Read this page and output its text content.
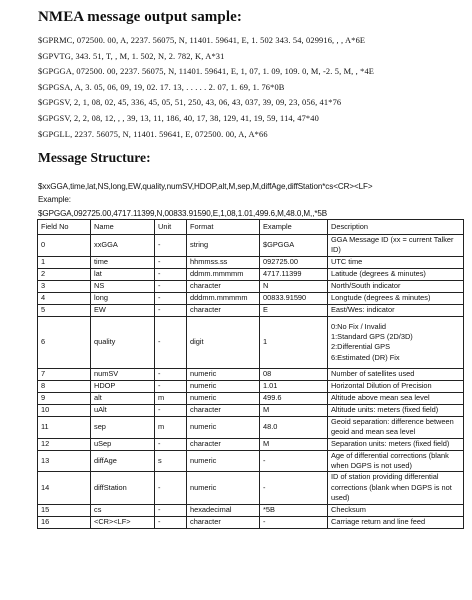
NMEA message output sample:
$GPRMC, 072500. 00, A, 2237. 56075, N, 11401. 59641, E, 1. 502 343. 54, 029916, , , A*6E
$GPVTG, 343. 51, T, , M, 1. 502, N, 2. 782, K, A*31
$GPGGA, 072500. 00, 2237. 56075, N, 11401. 59641, E, 1, 07, 1. 09, 109. 0, M, -2. 5, M, , *4E
$GPGSA, A, 3. 05, 06, 09, 19, 02. 17. 13, . . . . . 2. 07, 1. 69, 1. 76*0B
$GPGSV, 2, 1, 08, 02, 45, 336, 45, 05, 51, 250, 43, 06, 43, 037, 39, 09, 23, 056, 41*76
$GPGSV, 2, 2, 08, 12, , , 39, 13, 11, 186, 40, 17, 38, 129, 41, 19, 59, 114, 47*40
$GPGLL, 2237. 56075, N, 11401. 59641, E, 072500. 00, A, A*66
Message Structure:
$xxGGA,time,lat,NS,long,EW,quality,numSV,HDOP,alt,M,sep,M,diffAge,diffStation*cs<CR><LF>
Example:
$GPGGA,092725.00,4717.11399,N,00833.91590,E,1,08,1.01,499.6,M,48.0,M,,*5B
Field No	Name	Unit	Format	Example	Description
0	xxGGA	-	string	$GPGGA	GGA Message ID (xx = current Talker ID)
1	time	-	hhmmss.ss	092725.00	UTC time
2	lat	-	ddmm.mmmmm	4717.11399	Latitude (degrees & minutes)
3	NS	-	character	N	North/South indicator
4	long	-	dddmm.mmmmm	00833.91590	Longtude (degrees & minutes)
5	EW	-	character	E	East/Wes: indicator
6	quality	-	digit	1	0:No Fix / Invalid
1:Standard GPS (2D/3D)
2:Differential GPS
6:Estimated (DR) Fix
7	numSV	-	numeric	08	Number of satellites used
8	HDOP	-	numeric	1.01	Horizontal Dilution of Precision
9	alt	m	numeric	499.6	Altitude above mean sea level
10	uAlt	-	character	M	Altitude units: meters (fixed field)
11	sep	m	numeric	48.0	Geoid separation: difference between geoid and mean sea level
12	uSep	-	character	M	Separation units: meters (fixed field)
13	diffAge	s	numeric	-	Age of differential corrections (blank when DGPS is not used)
14	diffStation	-	numeric	-	ID of station providing differential corrections (blank when DGPS is not used)
15	cs	-	hexadecimal	*5B	Checksum
16	<CR><LF>	-	character	-	Carriage return and line feed
